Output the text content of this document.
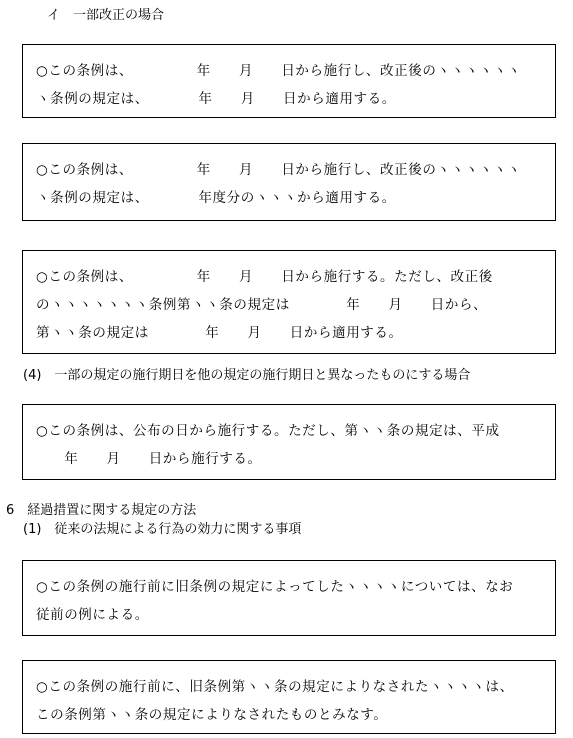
イ　一部改正の場合
○この条例は、　　　　　年　　月　　日から施行し、改正後のヽヽヽヽヽヽ
ヽ条例の規定は、　　　　年　　月　　日から適用する。
○この条例は、　　　　　年　　月　　日から施行し、改正後のヽヽヽヽヽヽ
ヽ条例の規定は、　　　　年度分のヽヽヽから適用する。
○この条例は、　　　　　年　　月　　日から施行する。ただし、改正後
のヽヽヽヽヽヽヽ条例第ヽヽ条の規定は　　　　年　　月　　日から、
第ヽヽ条の規定は　　　　年　　月　　日から適用する。
(4)　一部の規定の施行期日を他の規定の施行期日と異なったものにする場合
○この条例は、公布の日から施行する。ただし、第ヽヽ条の規定は、平成
　　年　　月　　日から施行する。
6　経過措置に関する規定の方法
(1)　従来の法規による行為の効力に関する事項
○この条例の施行前に旧条例の規定によってしたヽヽヽヽについては、なお
従前の例による。
○この条例の施行前に、旧条例第ヽヽ条の規定によりなされたヽヽヽヽは、
この条例第ヽヽ条の規定によりなされたものとみなす。
